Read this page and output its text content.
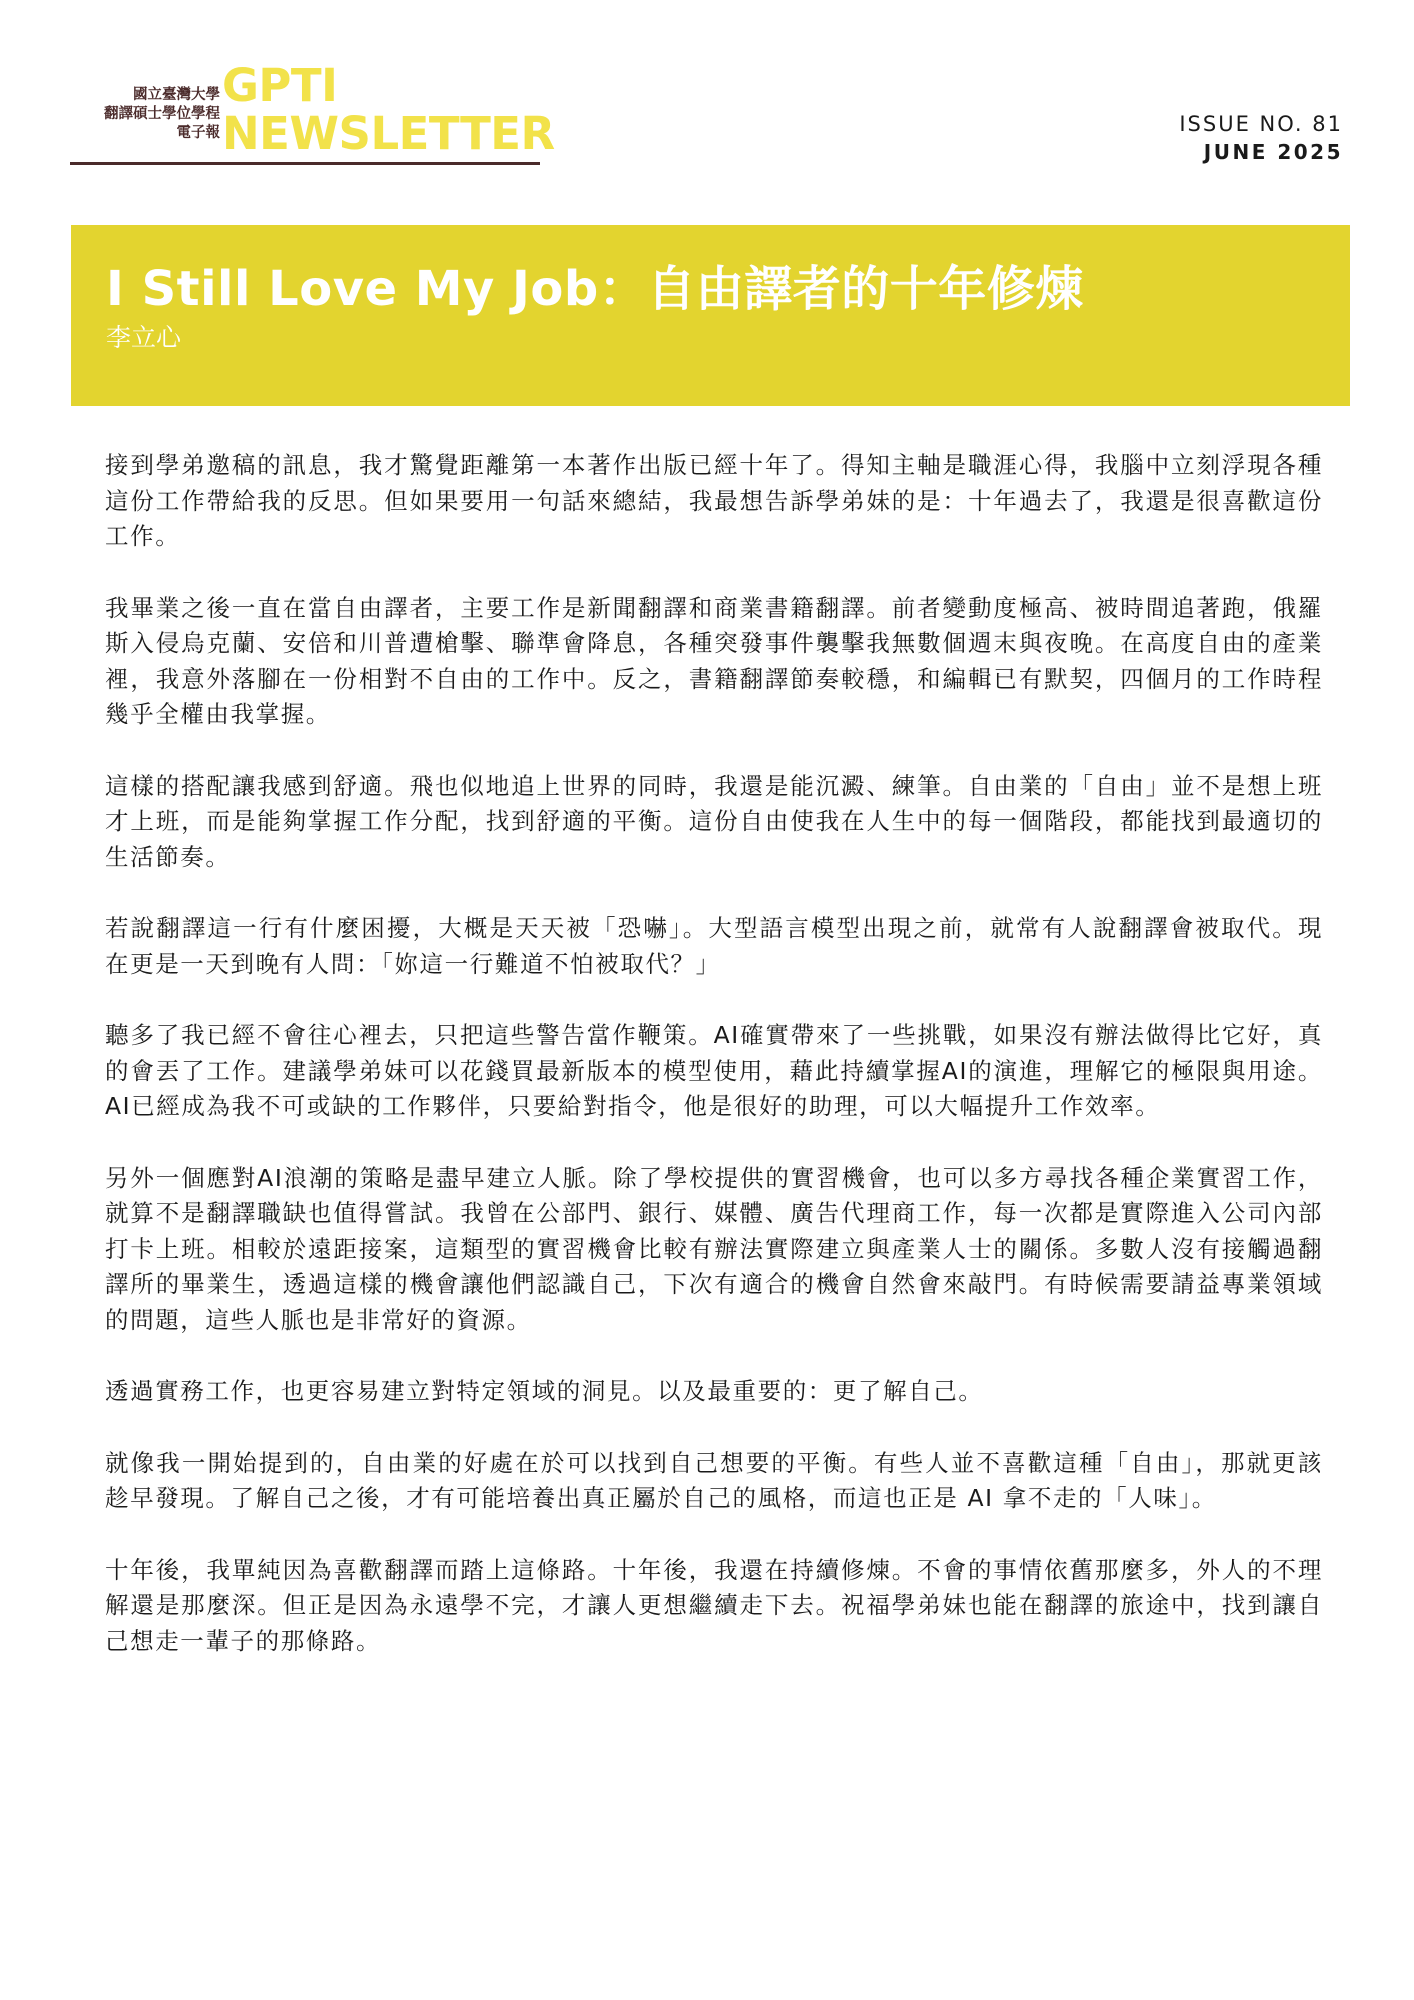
國立臺灣大學
翻譯碩士學位學程
電子報
GPTI
NEWSLETTER	ISSUE NO. 81
JUNE 2025
I Still Love My Job：自由譯者的十年修煉
李立心

接到學弟邀稿的訊息，我才驚覺距離第一本著作出版已經十年了。得知主軸是職涯心得，我腦中立刻浮現各種這份工作帶給我的反思。但如果要用一句話來總結，我最想告訴學弟妹的是：十年過去了，我還是很喜歡這份工作。

我畢業之後一直在當自由譯者，主要工作是新聞翻譯和商業書籍翻譯。前者變動度極高、被時間追著跑，俄羅斯入侵烏克蘭、安倍和川普遭槍擊、聯準會降息，各種突發事件襲擊我無數個週末與夜晚。在高度自由的產業裡，我意外落腳在一份相對不自由的工作中。反之，書籍翻譯節奏較穩，和編輯已有默契，四個月的工作時程幾乎全權由我掌握。

這樣的搭配讓我感到舒適。飛也似地追上世界的同時，我還是能沉澱、練筆。自由業的「自由」並不是想上班才上班，而是能夠掌握工作分配，找到舒適的平衡。這份自由使我在人生中的每一個階段，都能找到最適切的生活節奏。

若說翻譯這一行有什麼困擾，大概是天天被「恐嚇」。大型語言模型出現之前，就常有人說翻譯會被取代。現在更是一天到晚有人問：「妳這一行難道不怕被取代？」

聽多了我已經不會往心裡去，只把這些警告當作鞭策。AI確實帶來了一些挑戰，如果沒有辦法做得比它好，真的會丟了工作。建議學弟妹可以花錢買最新版本的模型使用，藉此持續掌握AI的演進，理解它的極限與用途。AI已經成為我不可或缺的工作夥伴，只要給對指令，他是很好的助理，可以大幅提升工作效率。

另外一個應對AI浪潮的策略是盡早建立人脈。除了學校提供的實習機會，也可以多方尋找各種企業實習工作，就算不是翻譯職缺也值得嘗試。我曾在公部門、銀行、媒體、廣告代理商工作，每一次都是實際進入公司內部打卡上班。相較於遠距接案，這類型的實習機會比較有辦法實際建立與產業人士的關係。多數人沒有接觸過翻譯所的畢業生，透過這樣的機會讓他們認識自己，下次有適合的機會自然會來敲門。有時候需要請益專業領域的問題，這些人脈也是非常好的資源。

透過實務工作，也更容易建立對特定領域的洞見。以及最重要的：更了解自己。

就像我一開始提到的，自由業的好處在於可以找到自己想要的平衡。有些人並不喜歡這種「自由」，那就更該趁早發現。了解自己之後，才有可能培養出真正屬於自己的風格，而這也正是 AI 拿不走的「人味」。

十年後，我單純因為喜歡翻譯而踏上這條路。十年後，我還在持續修煉。不會的事情依舊那麼多，外人的不理解還是那麼深。但正是因為永遠學不完，才讓人更想繼續走下去。祝福學弟妹也能在翻譯的旅途中，找到讓自己想走一輩子的那條路。
